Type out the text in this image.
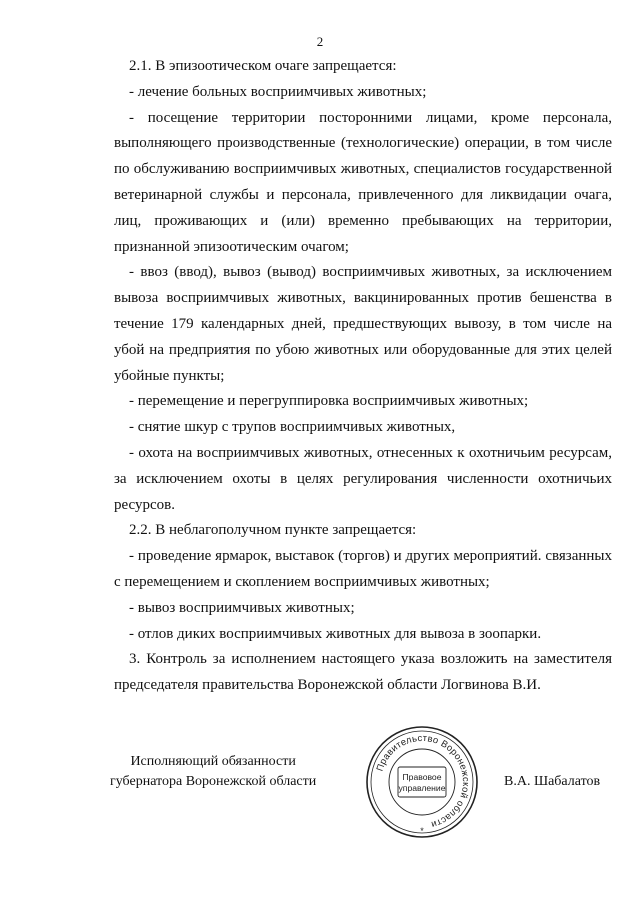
2

2.1. В эпизоотическом очаге запрещается:

- лечение больных восприимчивых животных;

- посещение территории посторонними лицами, кроме персонала, выполняющего производственные (технологические) операции, в том числе по обслуживанию восприимчивых животных, специалистов государственной ветеринарной службы и персонала, привлеченного для ликвидации очага, лиц, проживающих и (или) временно пребывающих на территории, признанной эпизоотическим очагом;

- ввоз (ввод), вывоз (вывод) восприимчивых животных, за исключением вывоза восприимчивых животных, вакцинированных против бешенства в течение 179 календарных дней, предшествующих вывозу, в том числе на убой на предприятия по убою животных или оборудованные для этих целей убойные пункты;

- перемещение и перегруппировка восприимчивых животных;

- снятие шкур с трупов восприимчивых животных,

- охота на восприимчивых животных, отнесенных к охотничьим ресурсам, за исключением охоты в целях регулирования численности охотничьих ресурсов.

2.2. В неблагополучном пункте запрещается:

- проведение ярмарок, выставок (торгов) и других мероприятий. связанных с перемещением и скоплением восприимчивых животных;

- вывоз восприимчивых животных;

- отлов диких восприимчивых животных для вывоза в зоопарки.

3. Контроль за исполнением настоящего указа возложить на заместителя председателя правительства Воронежской области Логвинова В.И.

Исполняющий обязанности
губернатора Воронежской области	В.А. Шабалатов
Правительство Воронежской области
Правовое
управление
*
